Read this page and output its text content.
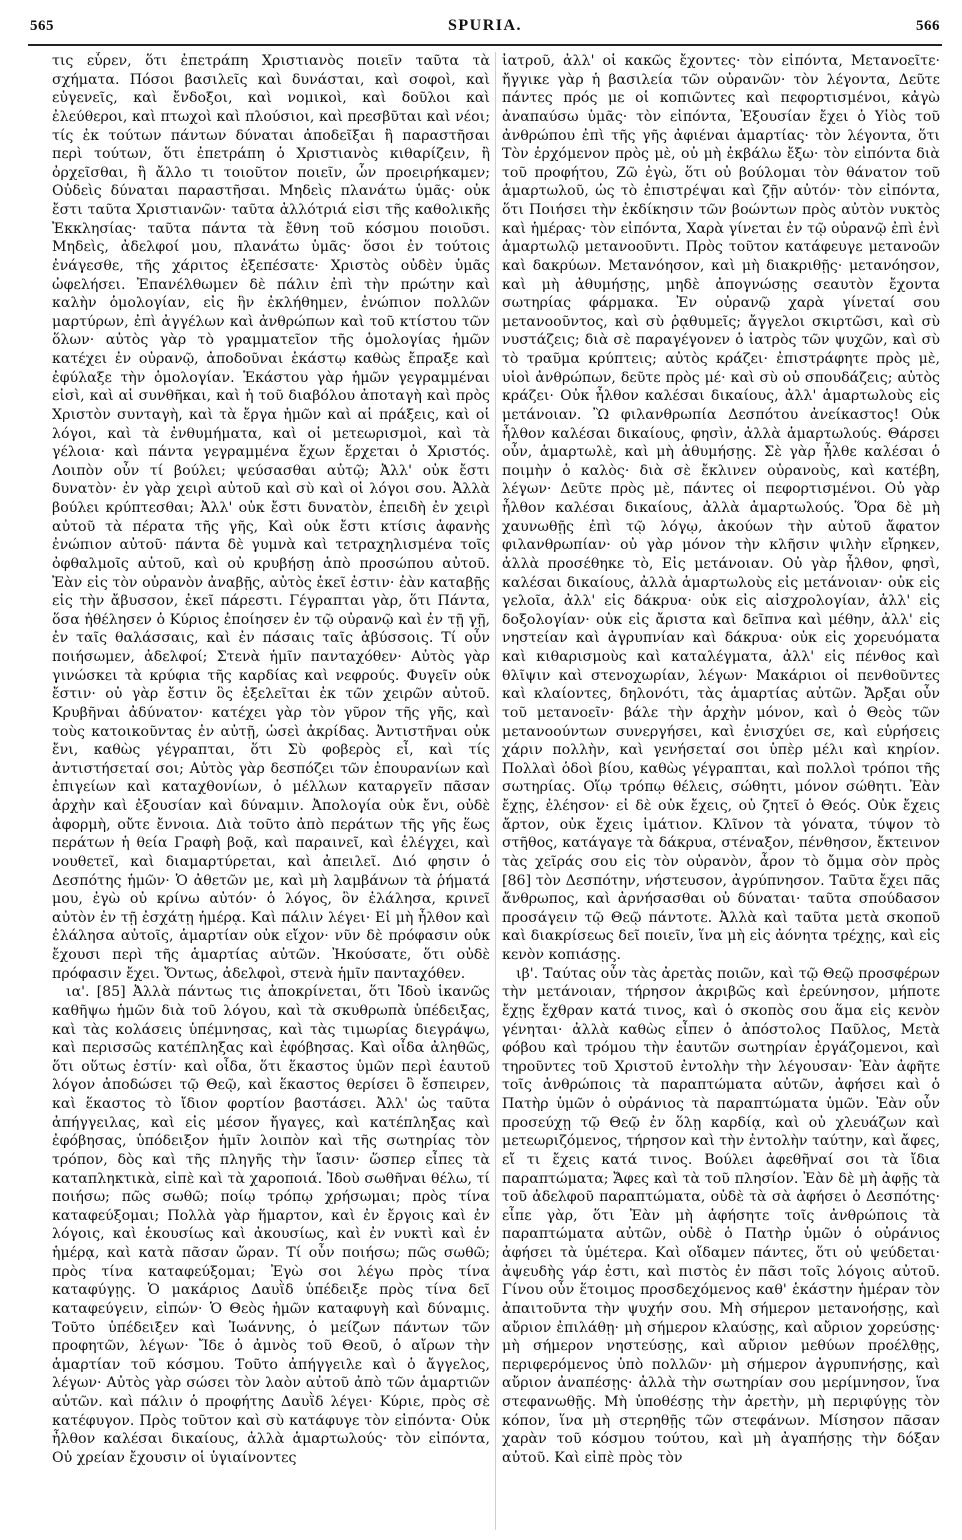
565	SPURIA.	566

τις εὗρεν, ὅτι ἐπετράπη Χριστιανὸς ποιεῖν ταῦτα τὰ σχήματα. Πόσοι βασιλεῖς καὶ δυνάσται, καὶ σοφοὶ, καὶ εὐγενεῖς, καὶ ἔνδοξοι, καὶ νομικοὶ, καὶ δοῦλοι καὶ ἐλεύθεροι, καὶ πτωχοὶ καὶ πλούσιοι, καὶ πρεσβῦται καὶ νέοι; τίς ἐκ τούτων πάντων δύναται ἀποδεῖξαι ἢ παραστῆσαι περὶ τούτων, ὅτι ἐπετράπη ὁ Χριστιανὸς κιθαρίζειν, ἢ ὀρχεῖσθαι, ἢ ἄλλο τι τοιοῦτον ποιεῖν, ὧν προειρήκαμεν; Οὐδεὶς δύναται παραστῆσαι. Μηδεὶς πλανάτω ὑμᾶς· οὐκ ἔστι ταῦτα Χριστιανῶν· ταῦτα ἀλλότριά εἰσι τῆς καθολικῆς Ἐκκλησίας· ταῦτα πάντα τὰ ἔθνη τοῦ κόσμου ποιοῦσι. Μηδεὶς, ἀδελφοί μου, πλανάτω ὑμᾶς· ὅσοι ἐν τούτοις ἐνάγεσθε, τῆς χάριτος ἐξεπέσατε· Χριστὸς οὐδὲν ὑμᾶς ὠφελήσει. Ἐπανέλθωμεν δὲ πάλιν ἐπὶ τὴν πρώτην καὶ καλὴν ὁμολογίαν, εἰς ἣν ἐκλήθημεν, ἐνώπιον πολλῶν μαρτύρων, ἐπὶ ἀγγέλων καὶ ἀνθρώπων καὶ τοῦ κτίστου τῶν ὅλων· αὐτὸς γὰρ τὸ γραμματεῖον τῆς ὁμολογίας ἡμῶν κατέχει ἐν οὐρανῷ, ἀποδοῦναι ἑκάστῳ καθὼς ἔπραξε καὶ ἐφύλαξε τὴν ὁμολογίαν. Ἑκάστου γὰρ ἡμῶν γεγραμμέναι εἰσὶ, καὶ αἱ συνθῆκαι, καὶ ἡ τοῦ διαβόλου ἀποταγὴ καὶ πρὸς Χριστὸν συνταγὴ, καὶ τὰ ἔργα ἡμῶν καὶ αἱ πράξεις, καὶ οἱ λόγοι, καὶ τὰ ἐνθυμήματα, καὶ οἱ μετεωρισμοὶ, καὶ τὰ γέλοια· καὶ πάντα γεγραμμένα ἔχων ἔρχεται ὁ Χριστός. Λοιπὸν οὖν τί βούλει; ψεύσασθαι αὐτῷ; Ἀλλ' οὐκ ἔστι δυνατὸν· ἐν γὰρ χειρὶ αὐτοῦ καὶ σὺ καὶ οἱ λόγοι σου. Ἀλλὰ βούλει κρύπτεσθαι; Ἀλλ' οὐκ ἔστι δυνατὸν, ἐπειδὴ ἐν χειρὶ αὐτοῦ τὰ πέρατα τῆς γῆς, Καὶ οὐκ ἔστι κτίσις ἀφανὴς ἐνώπιον αὐτοῦ· πάντα δὲ γυμνὰ καὶ τετραχηλισμένα τοῖς ὀφθαλμοῖς αὐτοῦ, καὶ οὐ κρυβήσῃ ἀπὸ προσώπου αὐτοῦ. Ἐὰν εἰς τὸν οὐρανὸν ἀναβῇς, αὐτὸς ἐκεῖ ἐστιν· ἐὰν καταβῇς εἰς τὴν ἄβυσσον, ἐκεῖ πάρεστι. Γέγραπται γὰρ, ὅτι Πάντα, ὅσα ἠθέλησεν ὁ Κύριος ἐποίησεν ἐν τῷ οὐρανῷ καὶ ἐν τῇ γῇ, ἐν ταῖς θαλάσσαις, καὶ ἐν πάσαις ταῖς ἀβύσσοις. Τί οὖν ποιήσωμεν, ἀδελφοί; Στενὰ ἡμῖν πανταχόθεν· Αὐτὸς γὰρ γινώσκει τὰ κρύφια τῆς καρδίας καὶ νεφρούς. Φυγεῖν οὐκ ἔστιν· οὐ γὰρ ἔστιν ὃς ἐξελεῖται ἐκ τῶν χειρῶν αὐτοῦ. Κρυβῆναι ἀδύνατον· κατέχει γὰρ τὸν γῦρον τῆς γῆς, καὶ τοὺς κατοικοῦντας ἐν αὐτῇ, ὡσεὶ ἀκρίδας. Ἀντιστῆναι οὐκ ἔνι, καθὼς γέγραπται, ὅτι Σὺ φοβερὸς εἶ, καὶ τίς ἀντιστήσεταί σοι; Αὐτὸς γὰρ δεσπόζει τῶν ἐπουρανίων καὶ ἐπιγείων καὶ καταχθονίων, ὁ μέλλων καταργεῖν πᾶσαν ἀρχὴν καὶ ἐξουσίαν καὶ δύναμιν. Ἀπολογία οὐκ ἔνι, οὐδὲ ἀφορμὴ, οὔτε ἔννοια. Διὰ τοῦτο ἀπὸ περάτων τῆς γῆς ἕως περάτων ἡ θεία Γραφὴ βοᾷ, καὶ παραινεῖ, καὶ ἐλέγχει, καὶ νουθετεῖ, καὶ διαμαρτύρεται, καὶ ἀπειλεῖ. Διό φησιν ὁ Δεσπότης ἡμῶν· Ὁ ἀθετῶν με, καὶ μὴ λαμβάνων τὰ ῥήματά μου, ἐγὼ οὐ κρίνω αὐτόν· ὁ λόγος, ὃν ἐλάλησα, κρινεῖ αὐτὸν ἐν τῇ ἐσχάτῃ ἡμέρᾳ. Καὶ πάλιν λέγει· Εἰ μὴ ἦλθον καὶ ἐλάλησα αὐτοῖς, ἁμαρτίαν οὐκ εἴχον· νῦν δὲ πρόφασιν οὐκ ἔχουσι περὶ τῆς ἁμαρτίας αὐτῶν. Ἠκούσατε, ὅτι οὐδὲ πρόφασιν ἔχει. Ὄντως, ἀδελφοὶ, στενὰ ἡμῖν πανταχόθεν.

ια'. [85] Ἀλλὰ πάντως τις ἀποκρίνεται, ὅτι Ἰδοὺ ἱκανῶς καθῆψω ἡμῶν διὰ τοῦ λόγου, καὶ τὰ σκυθρωπὰ ὑπέδειξας, καὶ τὰς κολάσεις ὑπέμνησας, καὶ τὰς τιμωρίας διεγράψω, καὶ περισσῶς κατέπληξας καὶ ἐφόβησας. Καὶ οἶδα ἀληθῶς, ὅτι οὕτως ἐστίν· καὶ οἶδα, ὅτι ἕκαστος ὑμῶν περὶ ἑαυτοῦ λόγον ἀποδώσει τῷ Θεῷ, καὶ ἕκαστος θερίσει ὃ ἔσπειρεν, καὶ ἕκαστος τὸ ἴδιον φορτίον βαστάσει. Ἀλλ' ὡς ταῦτα ἀπήγγειλας, καὶ εἰς μέσον ἤγαγες, καὶ κατέπληξας καὶ ἐφόβησας, ὑπόδειξον ἡμῖν λοιπὸν καὶ τῆς σωτηρίας τὸν τρόπον, δὸς καὶ τῆς πληγῆς τὴν ἴασιν· ὥσπερ εἶπες τὰ καταπληκτικὰ, εἰπὲ καὶ τὰ χαροποιά. Ἰδοὺ σωθῆναι θέλω, τί ποιήσω; πῶς σωθῶ; ποίῳ τρόπῳ χρήσωμαι; πρὸς τίνα καταφεύξομαι; Πολλὰ γὰρ ἥμαρτον, καὶ ἐν ἔργοις καὶ ἐν λόγοις, καὶ ἑκουσίως καὶ ἀκουσίως, καὶ ἐν νυκτὶ καὶ ἐν ἡμέρᾳ, καὶ κατὰ πᾶσαν ὥραν. Τί οὖν ποιήσω; πῶς σωθῶ; πρὸς τίνα καταφεύξομαι; Ἐγὼ σοι λέγω πρὸς τίνα καταφύγῃς. Ὁ μακάριος Δαυῒδ ὑπέδειξε πρὸς τίνα δεῖ καταφεύγειν, εἰπών· Ὁ Θεὸς ἡμῶν καταφυγὴ καὶ δύναμις. Τοῦτο ὑπέδειξεν καὶ Ἰωάννης, ὁ μείζων πάντων τῶν προφητῶν, λέγων· Ἴδε ὁ ἀμνὸς τοῦ Θεοῦ, ὁ αἴρων τὴν ἁμαρτίαν τοῦ κόσμου. Τοῦτο ἀπήγγειλε καὶ ὁ ἄγγελος, λέγων· Αὐτὸς γὰρ σώσει τὸν λαὸν αὐτοῦ ἀπὸ τῶν ἁμαρτιῶν αὐτῶν. καὶ πάλιν ὁ προφήτης Δαυῒδ λέγει· Κύριε, πρὸς σὲ κατέφυγον. Πρὸς τοῦτον καὶ σὺ κατάφυγε τὸν εἰπόντα· Οὐκ ἦλθον καλέσαι δικαίους, ἀλλὰ ἁμαρτωλούς· τὸν εἰπόντα, Οὐ χρείαν ἔχουσιν οἱ ὑγιαίνοντες

ἰατροῦ, ἀλλ' οἱ κακῶς ἔχοντες· τὸν εἰπόντα, Μετανοεῖτε· ἤγγικε γὰρ ἡ βασιλεία τῶν οὐρανῶν· τὸν λέγοντα, Δεῦτε πάντες πρός με οἱ κοπιῶντες καὶ πεφορτισμένοι, κἀγὼ ἀναπαύσω ὑμᾶς· τὸν εἰπόντα, Ἐξουσίαν ἔχει ὁ Υἱὸς τοῦ ἀνθρώπου ἐπὶ τῆς γῆς ἀφιέναι ἁμαρτίας· τὸν λέγοντα, ὅτι Τὸν ἐρχόμενον πρὸς μὲ, οὐ μὴ ἐκβάλω ἔξω· τὸν εἰπόντα διὰ τοῦ προφήτου, Ζῶ ἐγὼ, ὅτι οὐ βούλομαι τὸν θάνατον τοῦ ἁμαρτωλοῦ, ὡς τὸ ἐπιστρέψαι καὶ ζῇν αὐτόν· τὸν εἰπόντα, ὅτι Ποιήσει τὴν ἐκδίκησιν τῶν βοώντων πρὸς αὐτὸν νυκτὸς καὶ ἡμέρας· τὸν εἰπόντα, Χαρὰ γίνεται ἐν τῷ οὐρανῷ ἐπὶ ἑνὶ ἁμαρτωλῷ μετανοοῦντι. Πρὸς τοῦτον κατάφευγε μετανοῶν καὶ δακρύων. Μετανόησον, καὶ μὴ διακριθῇς· μετανόησον, καὶ μὴ ἀθυμήσῃς, μηδὲ ἀπογνώσῃς σεαυτὸν ἔχοντα σωτηρίας φάρμακα. Ἐν οὐρανῷ χαρὰ γίνεταί σου μετανοοῦντος, καὶ σὺ ῥᾳθυμεῖς; ἄγγελοι σκιρτῶσι, καὶ σὺ νυστάζεις; διὰ σὲ παραγέγονεν ὁ ἰατρὸς τῶν ψυχῶν, καὶ σὺ τὸ τραῦμα κρύπτεις; αὐτὸς κράζει· ἐπιστράφητε πρὸς μὲ, υἱοὶ ἀνθρώπων, δεῦτε πρὸς μέ· καὶ σὺ οὐ σπουδάζεις; αὐτὸς κράζει· Οὐκ ἦλθον καλέσαι δικαίους, ἀλλ' ἁμαρτωλοὺς εἰς μετάνοιαν. Ὢ φιλανθρωπία Δεσπότου ἀνείκαστος! Οὐκ ἦλθον καλέσαι δικαίους, φησὶν, ἀλλὰ ἁμαρτωλούς. Θάρσει οὖν, ἁμαρτωλὲ, καὶ μὴ ἀθυμήσῃς. Σὲ γὰρ ἦλθε καλέσαι ὁ ποιμὴν ὁ καλὸς· διὰ σὲ ἔκλινεν οὐρανοὺς, καὶ κατέβη, λέγων· Δεῦτε πρὸς μὲ, πάντες οἱ πεφορτισμένοι. Οὐ γὰρ ἦλθον καλέσαι δικαίους, ἀλλὰ ἁμαρτωλούς. Ὅρα δὲ μὴ χαυνωθῇς ἐπὶ τῷ λόγῳ, ἀκούων τὴν αὐτοῦ ἄφατον φιλανθρωπίαν· οὐ γὰρ μόνον τὴν κλῆσιν ψιλὴν εἴρηκεν, ἀλλὰ προσέθηκε τὸ, Εἰς μετάνοιαν. Οὐ γὰρ ἦλθον, φησὶ, καλέσαι δικαίους, ἀλλὰ ἁμαρτωλοὺς εἰς μετάνοιαν· οὐκ εἰς γελοῖα, ἀλλ' εἰς δάκρυα· οὐκ εἰς αἰσχρολογίαν, ἀλλ' εἰς δοξολογίαν· οὐκ εἰς ἄριστα καὶ δεῖπνα καὶ μέθην, ἀλλ' εἰς νηστείαν καὶ ἀγρυπνίαν καὶ δάκρυα· οὐκ εἰς χορευόματα καὶ κιθαρισμοὺς καὶ καταλέγματα, ἀλλ' εἰς πένθος καὶ θλῖψιν καὶ στενοχωρίαν, λέγων· Μακάριοι οἱ πενθοῦντες καὶ κλαίοντες, δηλονότι, τὰς ἁμαρτίας αὐτῶν. Ἄρξαι οὖν τοῦ μετανοεῖν· βάλε τὴν ἀρχὴν μόνον, καὶ ὁ Θεὸς τῶν μετανοούντων συνεργήσει, καὶ ἐνισχύει σε, καὶ εὑρήσεις χάριν πολλὴν, καὶ γενήσεταί σοι ὑπὲρ μέλι καὶ κηρίον. Πολλαὶ ὁδοὶ βίου, καθὼς γέγραπται, καὶ πολλοὶ τρόποι τῆς σωτηρίας. Οἵῳ τρόπῳ θέλεις, σώθητι, μόνον σώθητι. Ἐὰν ἔχῃς, ἐλέησον· εἰ δὲ οὐκ ἔχεις, οὐ ζητεῖ ὁ Θεός. Οὐκ ἔχεις ἄρτον, οὐκ ἔχεις ἱμάτιον. Κλῖνον τὰ γόνατα, τύψον τὸ στῆθος, κατάγαγε τὰ δάκρυα, στέναξον, πένθησον, ἔκτεινον τὰς χεῖράς σου εἰς τὸν οὐρανὸν, ἆρον τὸ ὄμμα σὸν πρὸς [86] τὸν Δεσπότην, νήστευσον, ἀγρύπνησον. Ταῦτα ἔχει πᾶς ἄνθρωπος, καὶ ἀρνήσασθαι οὐ δύναται· ταῦτα σπούδασον προσάγειν τῷ Θεῷ πάντοτε. Ἀλλὰ καὶ ταῦτα μετὰ σκοποῦ καὶ διακρίσεως δεῖ ποιεῖν, ἵνα μὴ εἰς ἀόνητα τρέχῃς, καὶ εἰς κενὸν κοπιάσῃς.

ιβ'. Ταύτας οὖν τὰς ἀρετὰς ποιῶν, καὶ τῷ Θεῷ προσφέρων τὴν μετάνοιαν, τήρησον ἀκριβῶς καὶ ἐρεύνησον, μήποτε ἔχῃς ἔχθραν κατά τινος, καὶ ὁ σκοπὸς σου ἅμα εἰς κενὸν γένηται· ἀλλὰ καθὼς εἶπεν ὁ ἀπόστολος Παῦλος, Μετὰ φόβου καὶ τρόμου τὴν ἑαυτῶν σωτηρίαν ἐργάζομενοι, καὶ τηροῦντες τοῦ Χριστοῦ ἐντολὴν τὴν λέγουσαν· Ἐὰν ἀφῆτε τοῖς ἀνθρώποις τὰ παραπτώματα αὐτῶν, ἀφήσει καὶ ὁ Πατὴρ ὑμῶν ὁ οὐράνιος τὰ παραπτώματα ὑμῶν. Ἐὰν οὖν προσεύχῃ τῷ Θεῷ ἐν ὅλῃ καρδίᾳ, καὶ οὐ χλευάζων καὶ μετεωριζόμενος, τήρησον καὶ τὴν ἐντολὴν ταύτην, καὶ ἄφες, εἴ τι ἔχεις κατά τινος. Βούλει ἀφεθῆναί σοι τὰ ἴδια παραπτώματα; Ἄφες καὶ τὰ τοῦ πλησίον. Ἐὰν δὲ μὴ ἀφῇς τὰ τοῦ ἀδελφοῦ παραπτώματα, οὐδὲ τὰ σὰ ἀφήσει ὁ Δεσπότης· εἶπε γὰρ, ὅτι Ἐὰν μὴ ἀφήσητε τοῖς ἀνθρώποις τὰ παραπτώματα αὐτῶν, οὐδὲ ὁ Πατὴρ ὑμῶν ὁ οὐράνιος ἀφήσει τὰ ὑμέτερα. Καὶ οἴδαμεν πάντες, ὅτι οὐ ψεύδεται· ἀψευδὴς γάρ ἐστι, καὶ πιστὸς ἐν πᾶσι τοῖς λόγοις αὐτοῦ. Γίνου οὖν ἕτοιμος προσδεχόμενος καθ' ἑκάστην ἡμέραν τὸν ἀπαιτοῦντα τὴν ψυχήν σου. Μὴ σήμερον μετανοήσῃς, καὶ αὔριον ἐπιλάθῃ· μὴ σήμερον κλαύσῃς, καὶ αὔριον χορεύσῃς· μὴ σήμερον νηστεύσῃς, καὶ αὔριον μεθύων προέλθῃς, περιφερόμενος ὑπὸ πολλῶν· μὴ σήμερον ἀγρυπνήσῃς, καὶ αὔριον ἀναπέσῃς· ἀλλὰ τὴν σωτηρίαν σου μερίμνησον, ἵνα στεφανωθῇς. Μὴ ὑποθέσῃς τὴν ἀρετὴν, μὴ περιφύγῃς τὸν κόπον, ἵνα μὴ στερηθῇς τῶν στεφάνων. Μίσησον πᾶσαν χαρὰν τοῦ κόσμου τούτου, καὶ μὴ ἀγαπήσῃς τὴν δόξαν αὐτοῦ. Καὶ εἰπὲ πρὸς τὸν
